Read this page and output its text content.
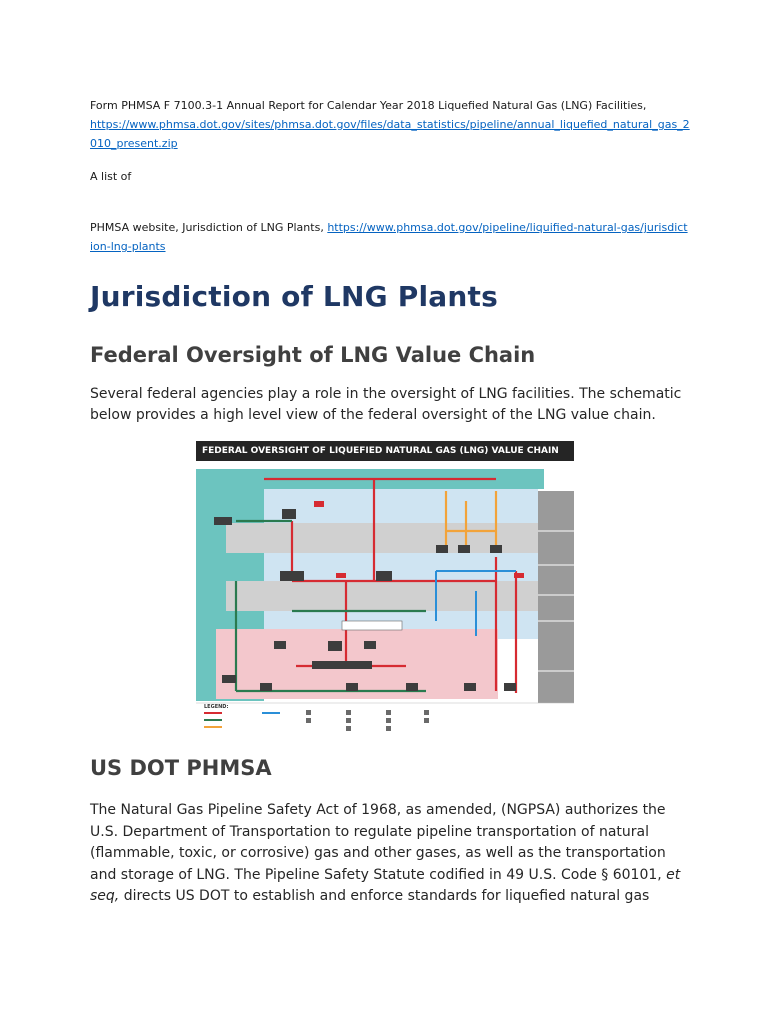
Form PHMSA F 7100.3-1 Annual Report for Calendar Year 2018 Liquefied Natural Gas (LNG) Facilities,
https://www.phmsa.dot.gov/sites/phmsa.dot.gov/files/data_statistics/pipeline/annual_liquefied_natural_gas_2010_present.zip

A list of

PHMSA website, Jurisdiction of LNG Plants, https://www.phmsa.dot.gov/pipeline/liquified-natural-gas/jurisdiction-lng-plants

Jurisdiction of LNG Plants
Federal Oversight of LNG Value Chain

Several federal agencies play a role in the oversight of LNG facilities. The schematic below provides a high level view of the federal oversight of the LNG value chain.

FEDERAL OVERSIGHT OF LIQUEFIED NATURAL GAS (LNG) VALUE CHAIN
LEGEND:
US DOT PHMSA

The Natural Gas Pipeline Safety Act of 1968, as amended, (NGPSA) authorizes the U.S. Department of Transportation to regulate pipeline transportation of natural (flammable, toxic, or corrosive) gas and other gases, as well as the transportation and storage of LNG. The Pipeline Safety Statute codified in 49 U.S. Code § 60101, et seq, directs US DOT to establish and enforce standards for liquefied natural gas
